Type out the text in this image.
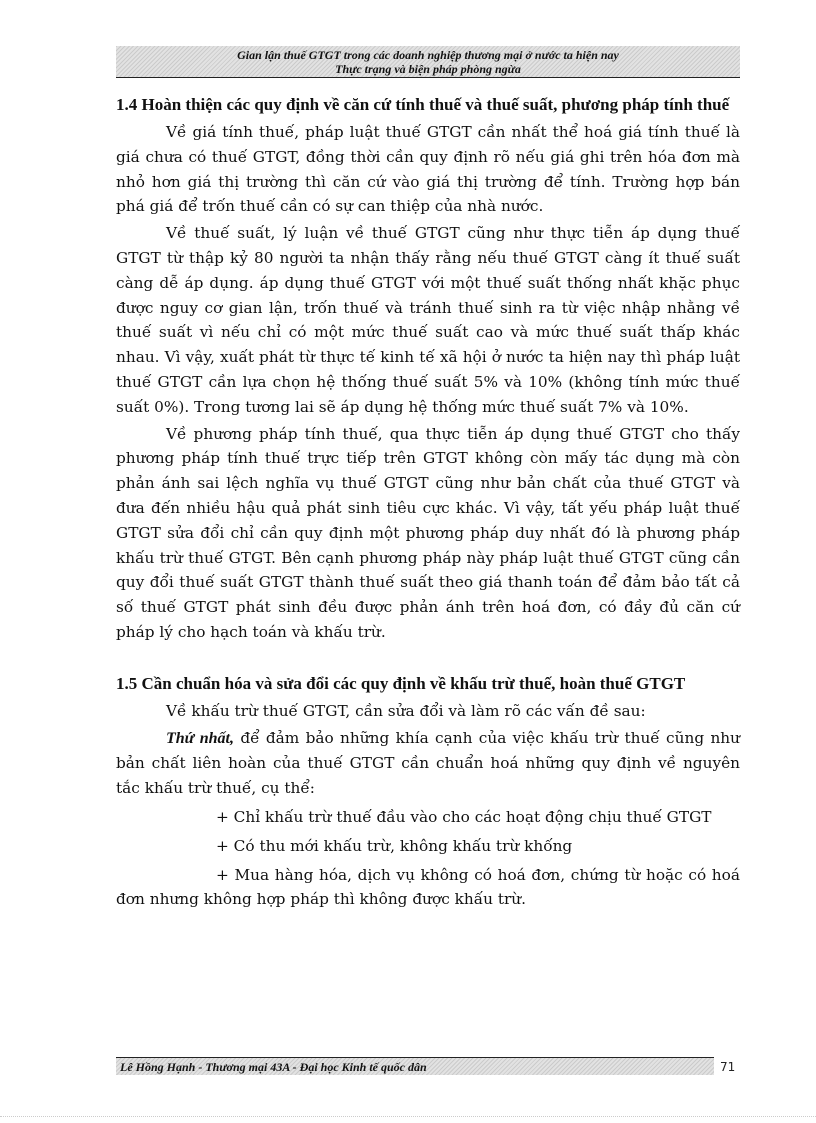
Gian lận thuế GTGT trong các doanh nghiệp thương mại ở nước ta hiện nay
Thực trạng và biện pháp phòng ngừa

1.4 Hoàn thiện các quy định về căn cứ tính thuế và thuế suất, phương pháp tính thuế

Về giá tính thuế, pháp luật thuế GTGT cần nhất thể hoá giá tính thuế là giá chưa có thuế GTGT, đồng thời cần quy định rõ nếu giá ghi trên hóa đơn mà nhỏ hơn giá thị trường thì căn cứ vào giá thị trường để tính. Trường hợp bán phá giá để trốn thuế cần có sự can thiệp của nhà nước.

Về thuế suất, lý luận về thuế GTGT cũng như thực tiễn áp dụng thuế GTGT từ thập kỷ 80 người ta nhận thấy rằng nếu thuế GTGT càng ít thuế suất càng dễ áp dụng. áp dụng thuế GTGT với một thuế suất thống nhất khặc phục được nguy cơ gian lận, trốn thuế và tránh thuế sinh ra từ việc nhập nhằng về thuế suất vì nếu chỉ có một mức thuế suất cao và mức thuế suất thấp khác nhau. Vì vậy, xuất phát từ thực tế kinh tế xã hội ở nước ta hiện nay thì pháp luật thuế GTGT cần lựa chọn hệ thống thuế suất 5% và 10% (không tính mức thuế suất 0%). Trong tương lai sẽ áp dụng hệ thống mức thuế suất 7% và 10%.

Về phương pháp tính thuế, qua thực tiễn áp dụng thuế GTGT cho thấy phương pháp tính thuế trực tiếp trên GTGT không còn mấy tác dụng mà còn phản ánh sai lệch nghĩa vụ thuế GTGT cũng như bản chất của thuế GTGT và đưa đến nhiều hậu quả phát sinh tiêu cực khác. Vì vậy, tất yếu pháp luật thuế GTGT sửa đổi chỉ cần quy định một phương pháp duy nhất đó là phương pháp khấu trừ thuế GTGT. Bên cạnh phương pháp này pháp luật thuế GTGT cũng cần quy đổi thuế suất GTGT thành thuế suất theo giá thanh toán để đảm bảo tất cả số thuế GTGT phát sinh đều được phản ánh trên hoá đơn, có đầy đủ căn cứ pháp lý cho hạch toán và khấu trừ.

1.5 Cần chuẩn hóa và sửa đổi các quy định về khấu trừ thuế, hoàn thuế GTGT

Về khấu trừ thuế GTGT, cần sửa đổi và làm rõ các vấn đề sau:

Thứ nhất, để đảm bảo những khía cạnh của việc khấu trừ thuế cũng như bản chất liên hoàn của thuế GTGT cần chuẩn hoá những quy định về nguyên tắc khấu trừ thuế, cụ thể:

+ Chỉ khấu trừ thuế đầu vào cho các hoạt động chịu thuế GTGT

+ Có thu mới khấu trừ, không khấu trừ khống

+ Mua hàng hóa, dịch vụ không có hoá đơn, chứng từ hoặc có hoá đơn nhưng không hợp pháp thì không được khấu trừ.

Lê Hồng Hạnh - Thương mại 43A - Đại học Kinh tế quốc dân	71
